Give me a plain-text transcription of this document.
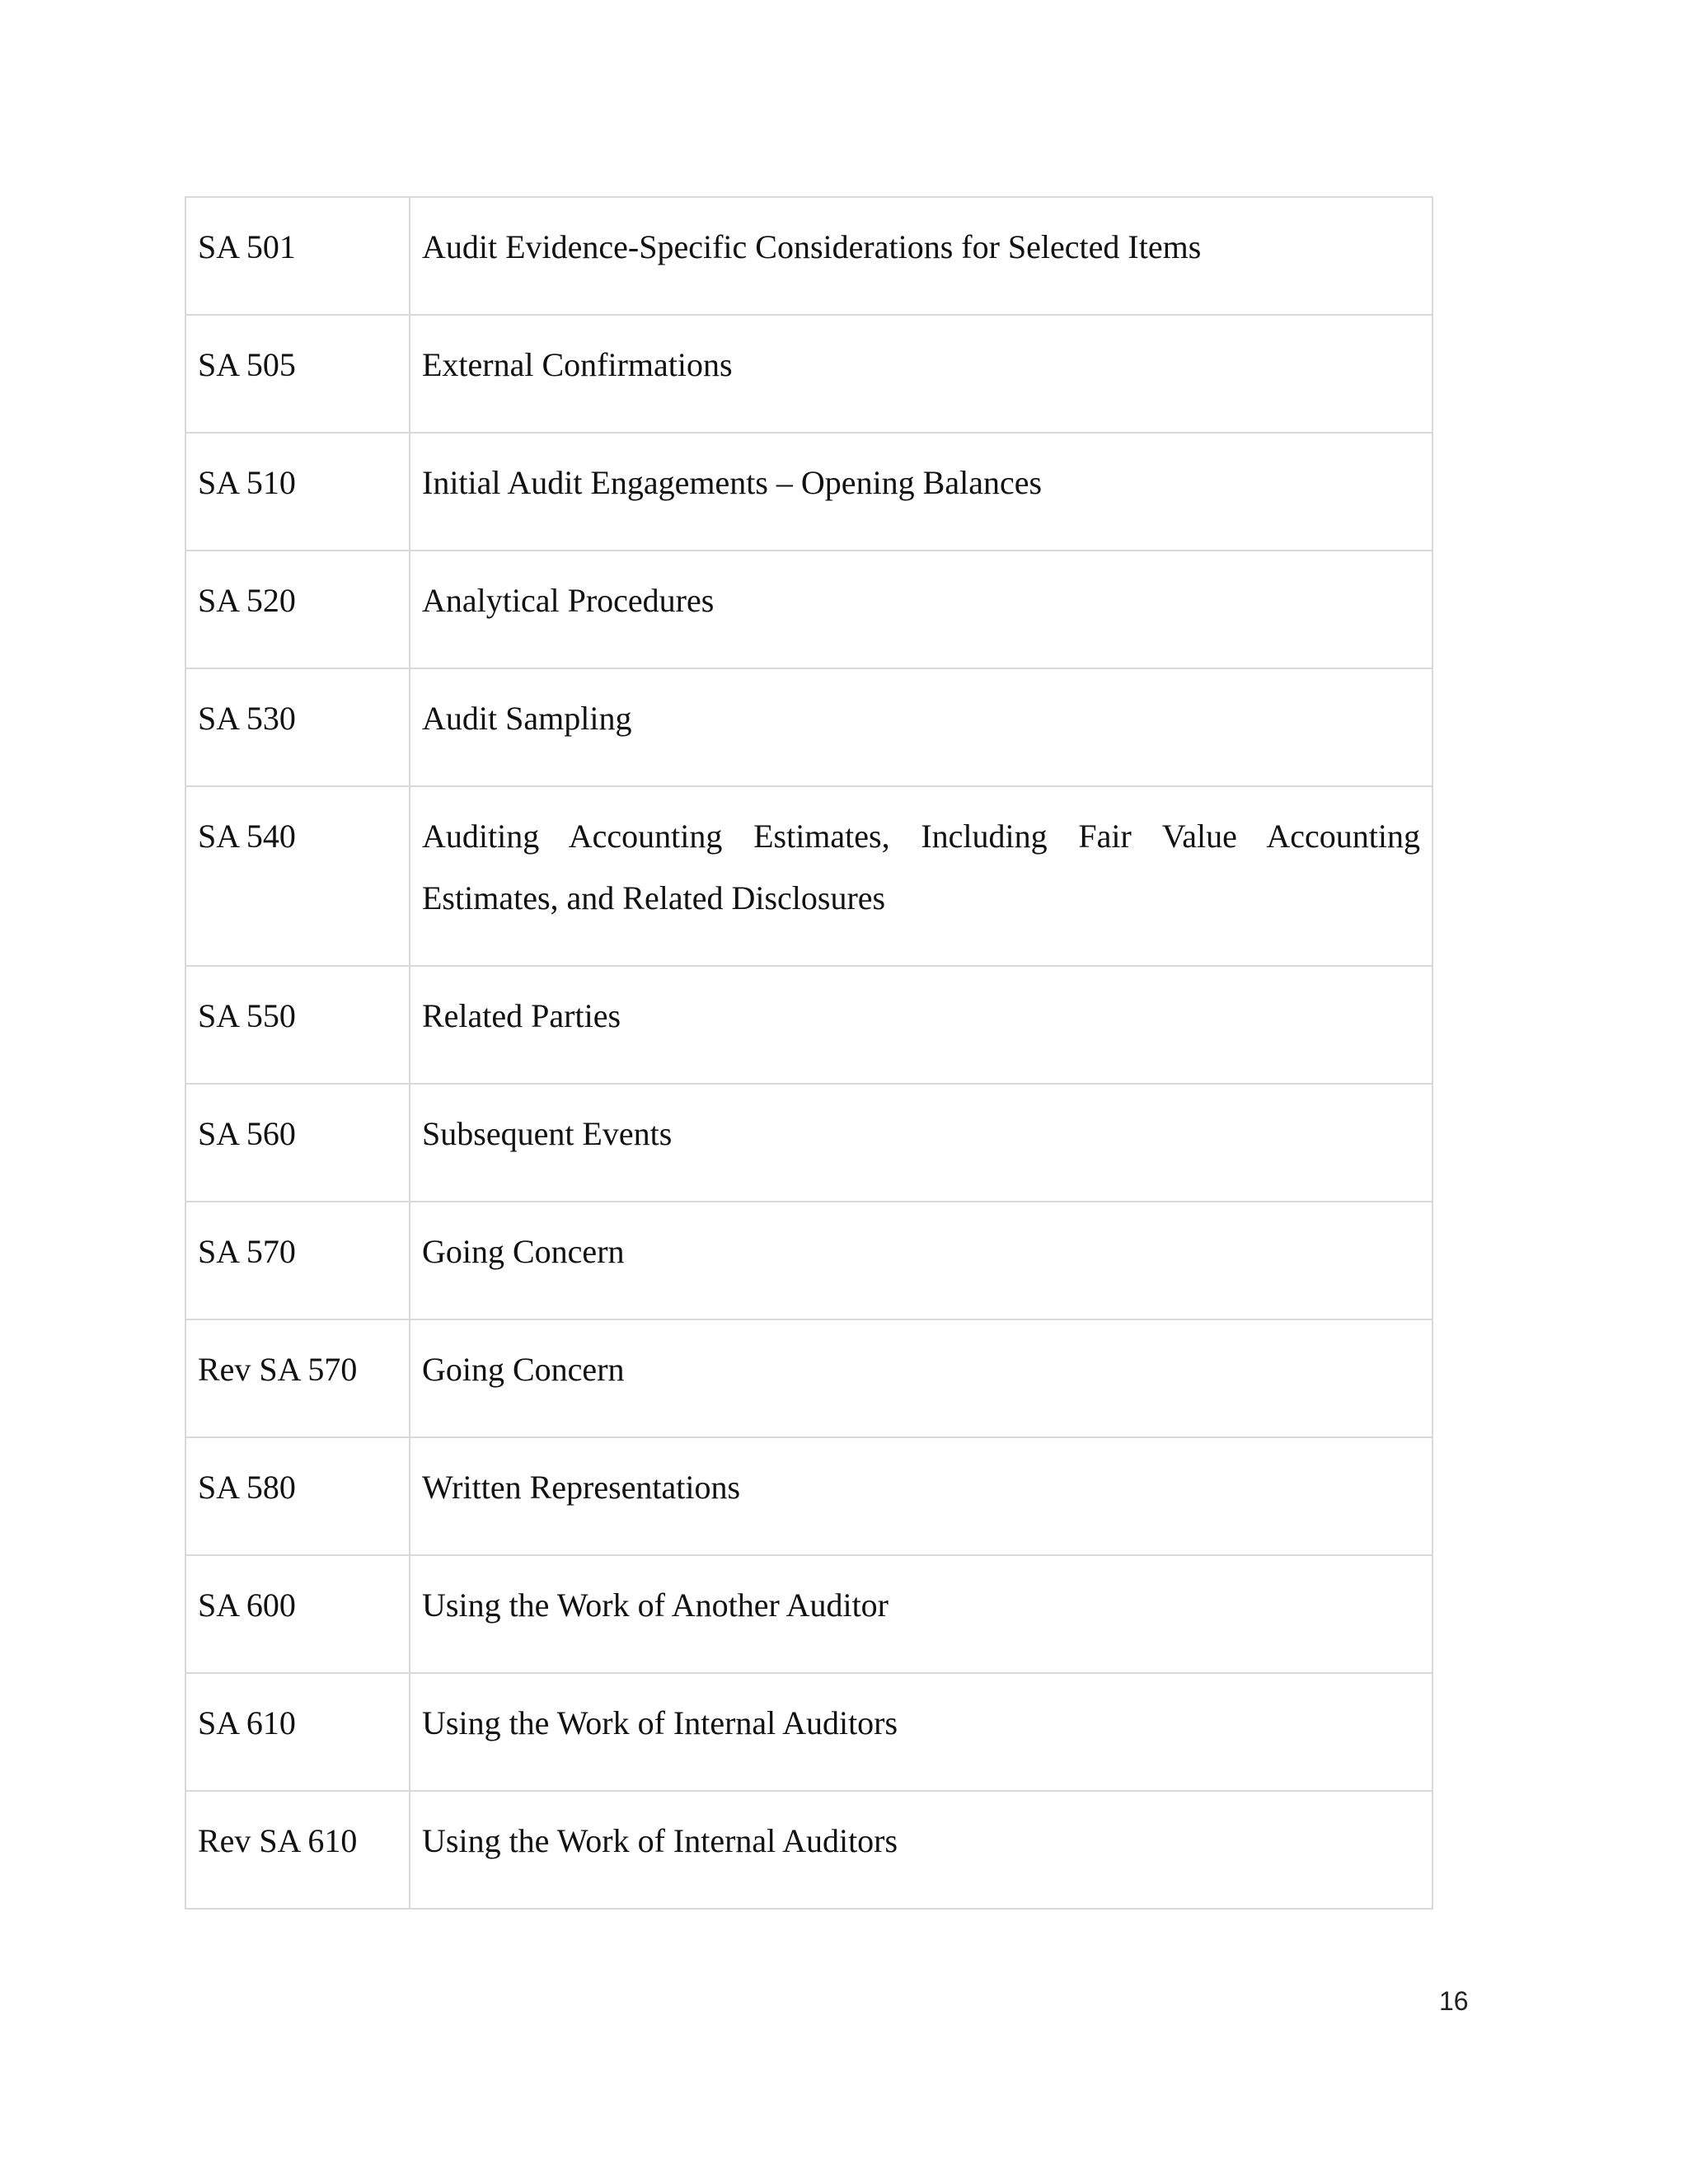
SA 501	Audit Evidence-Specific Considerations for Selected Items
SA 505	External Confirmations
SA 510	Initial Audit Engagements – Opening Balances
SA 520	Analytical Procedures
SA 530	Audit Sampling
SA 540	Auditing Accounting Estimates, Including Fair Value Accounting Estimates, and Related Disclosures
SA 550	Related Parties
SA 560	Subsequent Events
SA 570	Going Concern
Rev SA 570	Going Concern
SA 580	Written Representations
SA 600	Using the Work of Another Auditor
SA 610	Using the Work of Internal Auditors
Rev SA 610	Using the Work of Internal Auditors
16
